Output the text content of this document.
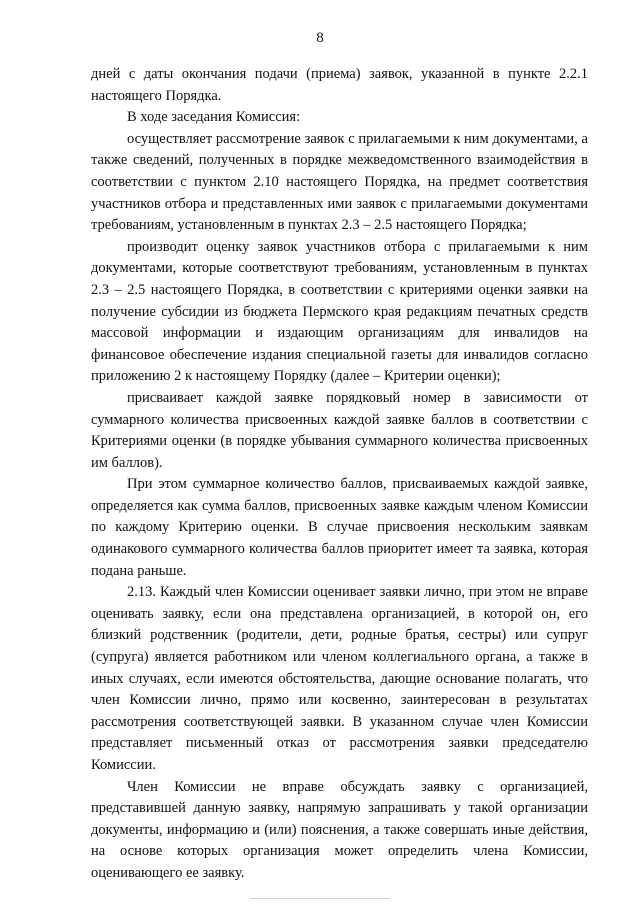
8

дней с даты окончания подачи (приема) заявок, указанной в пункте 2.2.1 настоящего Порядка.

В ходе заседания Комиссия:

осуществляет рассмотрение заявок с прилагаемыми к ним документами, а также сведений, полученных в порядке межведомственного взаимодействия в соответствии с пунктом 2.10 настоящего Порядка, на предмет соответствия участников отбора и представленных ими заявок с прилагаемыми документами требованиям, установленным в пунктах 2.3 – 2.5 настоящего Порядка;

производит оценку заявок участников отбора с прилагаемыми к ним документами, которые соответствуют требованиям, установленным в пунктах 2.3 – 2.5 настоящего Порядка, в соответствии с критериями оценки заявки на получение субсидии из бюджета Пермского края редакциям печатных средств массовой информации и издающим организациям для инвалидов на финансовое обеспечение издания специальной газеты для инвалидов согласно приложению 2 к настоящему Порядку (далее – Критерии оценки);

присваивает каждой заявке порядковый номер в зависимости от суммарного количества присвоенных каждой заявке баллов в соответствии с Критериями оценки (в порядке убывания суммарного количества присвоенных им баллов).

При этом суммарное количество баллов, присваиваемых каждой заявке, определяется как сумма баллов, присвоенных заявке каждым членом Комиссии по каждому Критерию оценки. В случае присвоения нескольким заявкам одинакового суммарного количества баллов приоритет имеет та заявка, которая подана раньше.

2.13. Каждый член Комиссии оценивает заявки лично, при этом не вправе оценивать заявку, если она представлена организацией, в которой он, его близкий родственник (родители, дети, родные братья, сестры) или супруг (супруга) является работником или членом коллегиального органа, а также в иных случаях, если имеются обстоятельства, дающие основание полагать, что член Комиссии лично, прямо или косвенно, заинтересован в результатах рассмотрения соответствующей заявки. В указанном случае член Комиссии представляет письменный отказ от рассмотрения заявки председателю Комиссии.

Член Комиссии не вправе обсуждать заявку с организацией, представившей данную заявку, напрямую запрашивать у такой организации документы, информацию и (или) пояснения, а также совершать иные действия, на основе которых организация может определить члена Комиссии, оценивающего ее заявку.
